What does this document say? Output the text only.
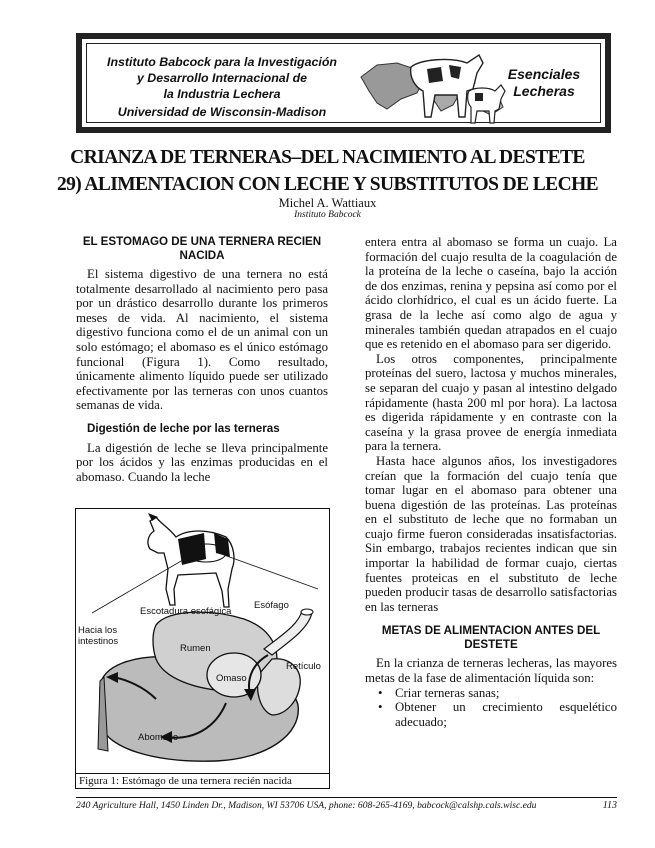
Instituto Babcock para la Investigación
y Desarrollo Internacional de
la Industria Lechera

Universidad de Wisconsin-Madison
Esenciales
Lecheras
CRIANZA DE TERNERAS–DEL NACIMIENTO AL DESTETE
29) ALIMENTACION CON LECHE Y SUBSTITUTOS DE LECHE
Michel A. Wattiaux
Instituto Babcock
EL ESTOMAGO DE UNA TERNERA RECIEN NACIDA

El sistema digestivo de una ternera no está totalmente desarrollado al nacimiento pero pasa por un drástico desarrollo durante los primeros meses de vida. Al nacimiento, el sistema digestivo funciona como el de un animal con un solo estómago; el abomaso es el único estómago funcional (Figura 1). Como resultado, únicamente alimento líquido puede ser utilizado efectivamente por las terneras con unos cuantos semanas de vida.

Digestión de leche por las terneras

La digestión de leche se lleva principalmente por los ácidos y las enzimas producidas en el abomaso. Cuando la leche

Escotadura esofágica
Esófago
Hacia los intestinos
Rumen
Retículo
Omaso
Abomaso
Figura 1: Estómago de una ternera recién nacida

entera entra al abomaso se forma un cuajo. La formación del cuajo resulta de la coagulación de la proteína de la leche o caseína, bajo la acción de dos enzimas, renina y pepsina así como por el ácido clorhídrico, el cual es un ácido fuerte. La grasa de la leche así como algo de agua y minerales también quedan atrapados en el cuajo que es retenido en el abomaso para ser digerido.

Los otros componentes, principalmente proteínas del suero, lactosa y muchos minerales, se separan del cuajo y pasan al intestino delgado rápidamente (hasta 200 ml por hora). La lactosa es digerida rápidamente y en contraste con la caseína y la grasa provee de energía inmediata para la ternera.

Hasta hace algunos años, los investigadores creían que la formación del cuajo tenía que tomar lugar en el abomaso para obtener una buena digestión de las proteínas. Las proteínas en el substituto de leche que no formaban un cuajo firme fueron consideradas insatisfactorias. Sin embargo, trabajos recientes indican que sin importar la habilidad de formar cuajo, ciertas fuentes proteicas en el substituto de leche pueden producir tasas de desarrollo satisfactorias en las terneras

METAS DE ALIMENTACION ANTES DEL DESTETE

En la crianza de terneras lecheras, las mayores metas de la fase de alimentación líquida son:

• Criar terneras sanas;
• Obtener un crecimiento esquelético adecuado;
240 Agriculture Hall, 1450 Linden Dr., Madison, WI 53706 USA, phone: 608-265-4169, babcock@calshp.cals.wisc.edu	113
